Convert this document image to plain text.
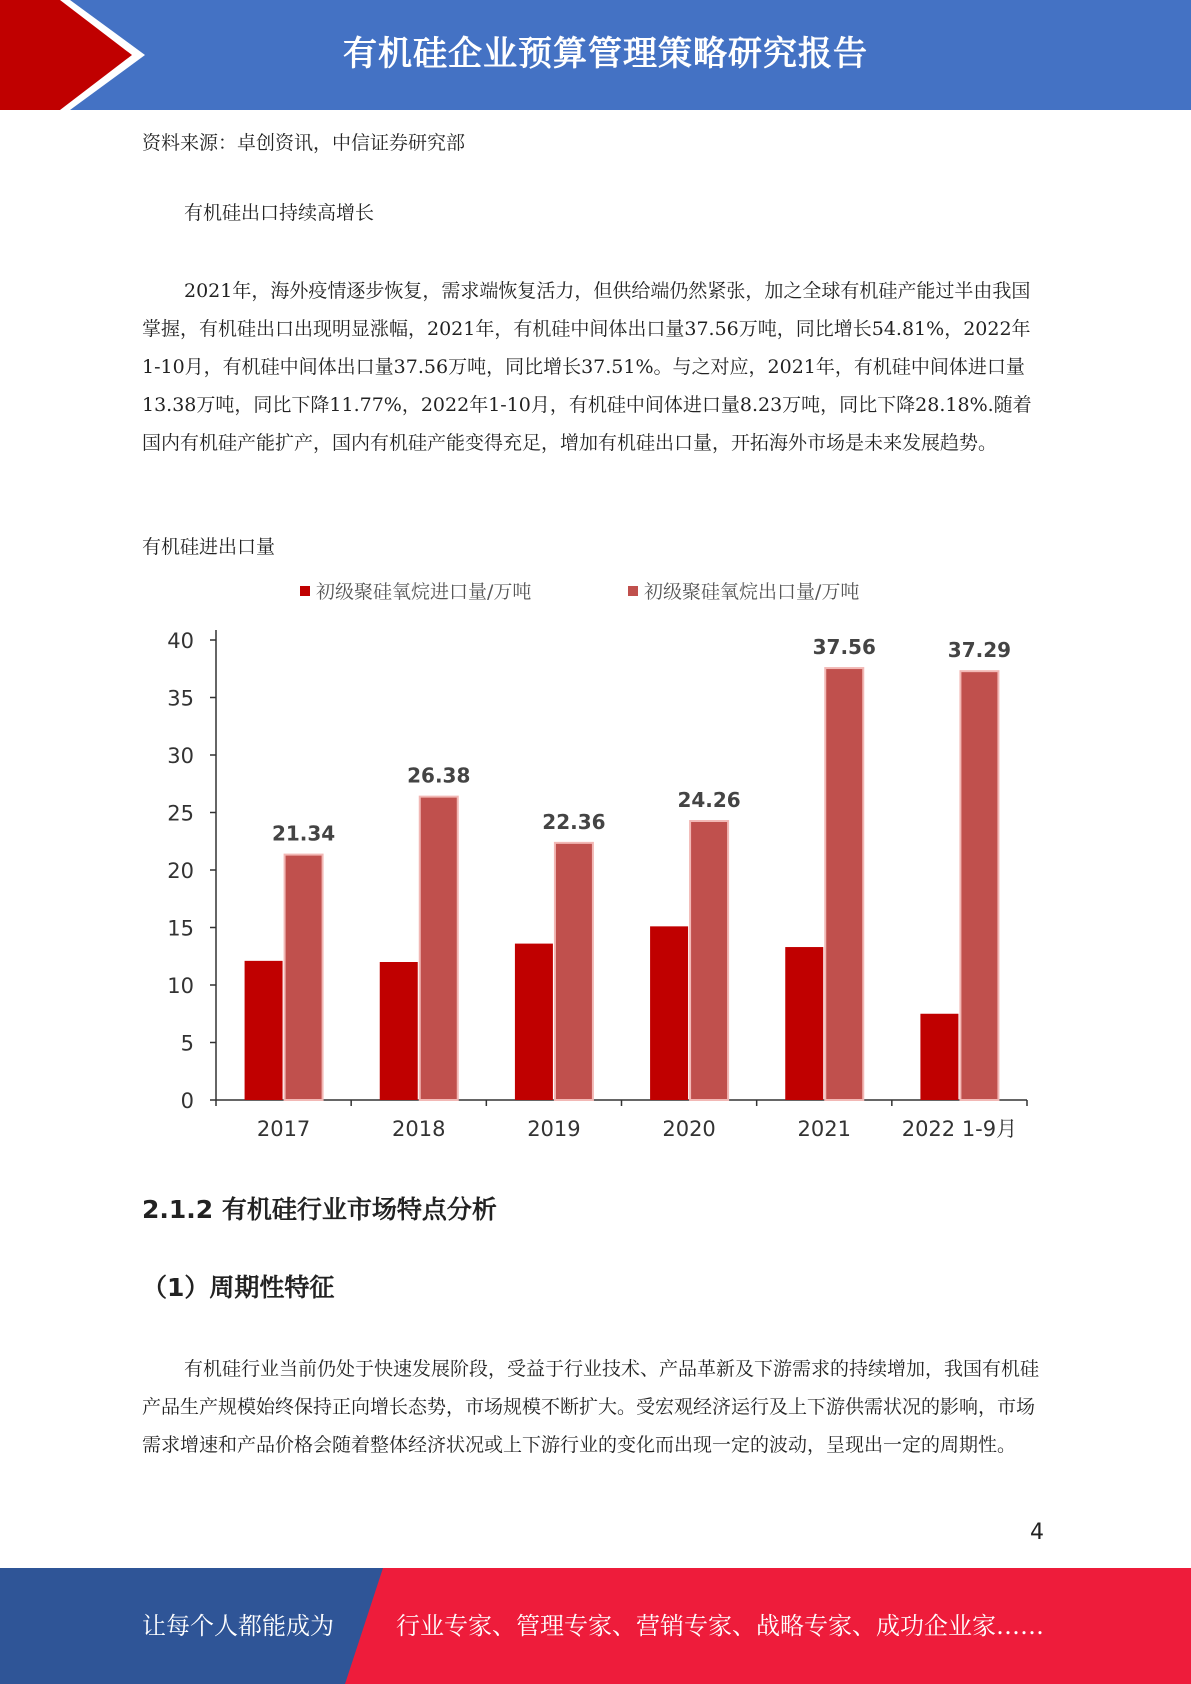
有机硅企业预算管理策略研究报告

资料来源：卓创资讯，中信证券研究部

有机硅出口持续高增长

2021年，海外疫情逐步恢复，需求端恢复活力，但供给端仍然紧张，加之全球有机硅产能过半由我国掌握，有机硅出口出现明显涨幅，2021年，有机硅中间体出口量37.56万吨，同比增长54.81%，2022年1-10月，有机硅中间体出口量37.56万吨，同比增长37.51%。与之对应，2021年，有机硅中间体进口量13.38万吨，同比下降11.77%，2022年1-10月，有机硅中间体进口量8.23万吨，同比下降28.18%.随着国内有机硅产能扩产，国内有机硅产能变得充足，增加有机硅出口量，开拓海外市场是未来发展趋势。

有机硅进出口量

初级聚硅氧烷进口量/万吨	初级聚硅氧烷出口量/万吨
0
5
10
15
20
25
30
35
40
2017	2018	2019	2020	2021 2022 1-9月
21.34
26.38
22.36
24.26
37.56	37.29
2.1.2 有机硅行业市场特点分析
（1）周期性特征

有机硅行业当前仍处于快速发展阶段，受益于行业技术、产品革新及下游需求的持续增加，我国有机硅产品生产规模始终保持正向增长态势，市场规模不断扩大。受宏观经济运行及上下游供需状况的影响，市场需求增速和产品价格会随着整体经济状况或上下游行业的变化而出现一定的波动，呈现出一定的周期性。

4
让每个人都能成为	行业专家、管理专家、营销专家、战略专家、成功企业家……
